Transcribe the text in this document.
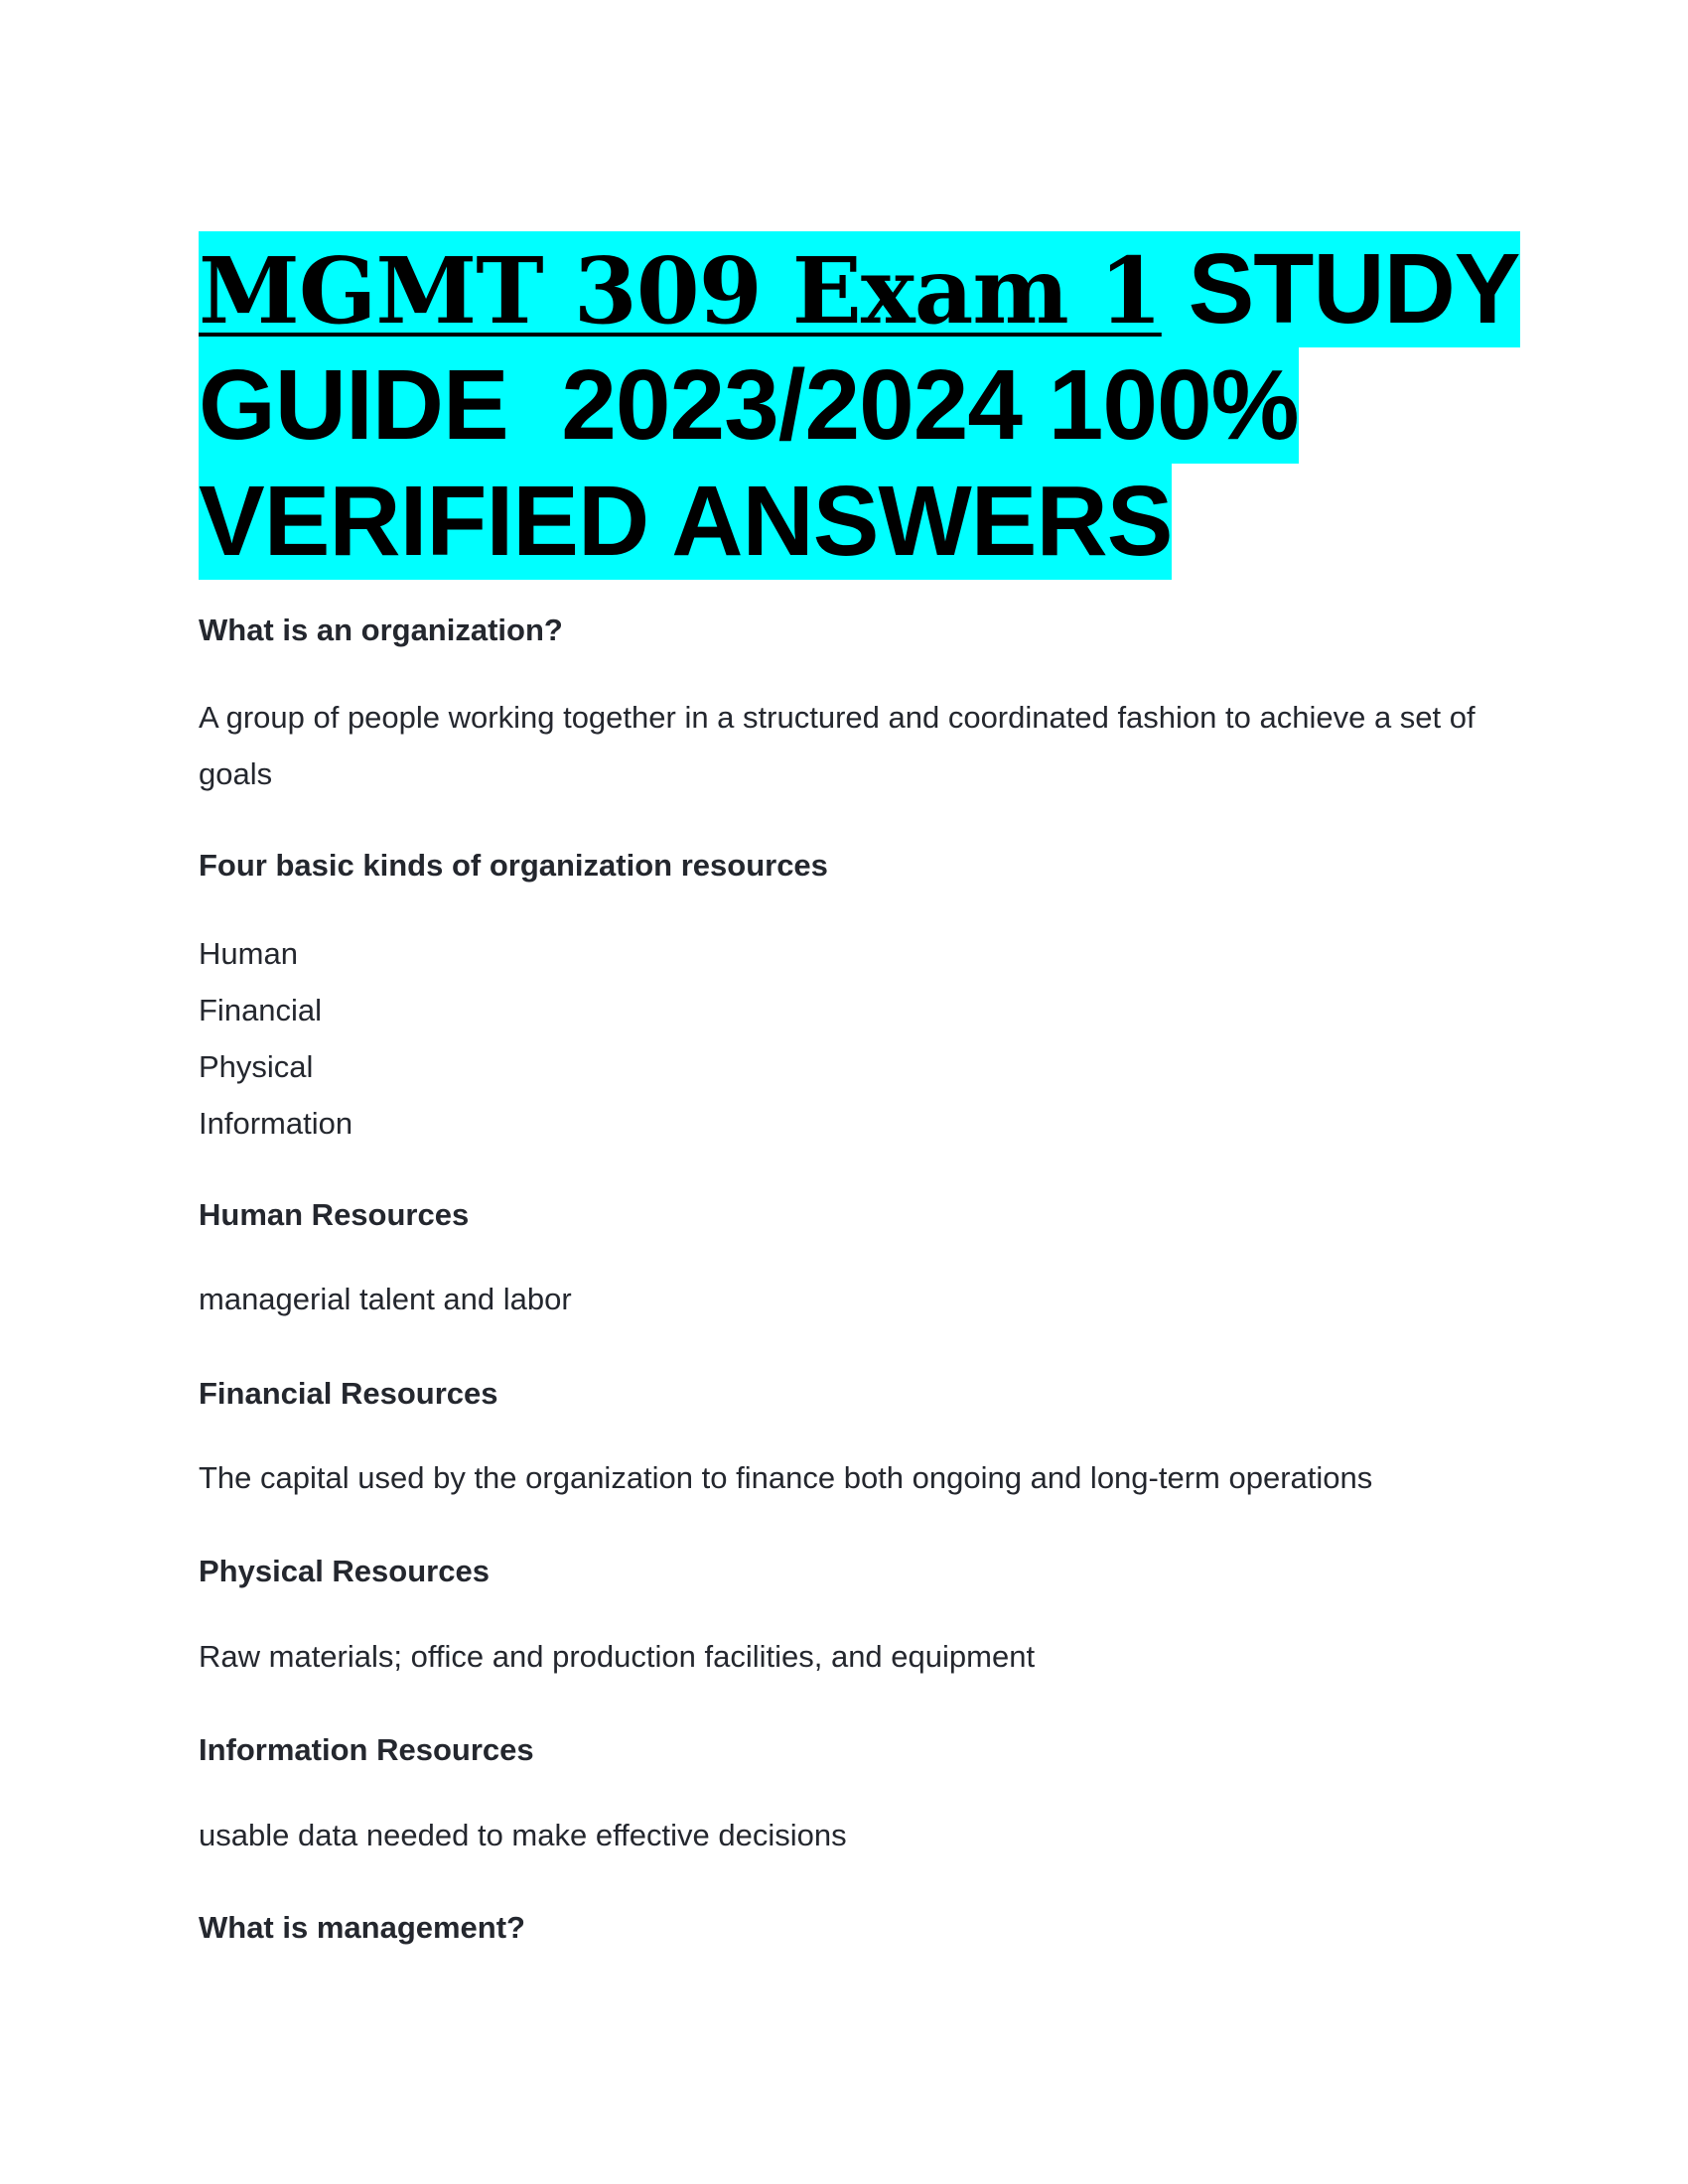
MGMT 309 Exam 1 STUDY
GUIDE  2023/2024 100%
VERIFIED ANSWERS

What is an organization?

A group of people working together in a structured and coordinated fashion to achieve a set of goals

Four basic kinds of organization resources

Human
Financial
Physical
Information

Human Resources

managerial talent and labor

Financial Resources

The capital used by the organization to finance both ongoing and long-term operations

Physical Resources

Raw materials; office and production facilities, and equipment

Information Resources

usable data needed to make effective decisions

What is management?
